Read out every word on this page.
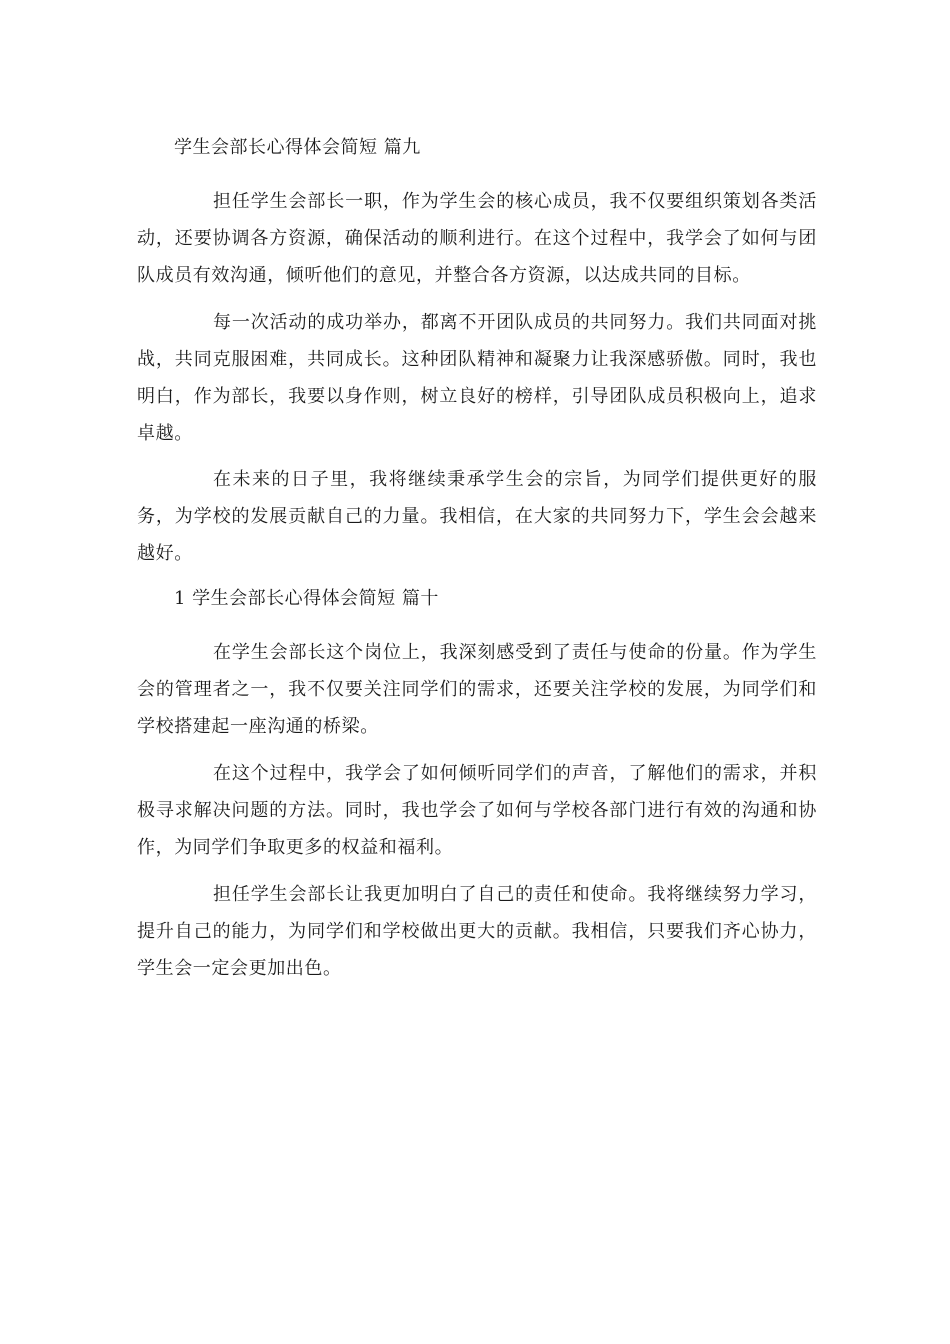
学生会部长心得体会简短 篇九
担任学生会部长一职，作为学生会的核心成员，我不仅要组织策划各类活动，还要协调各方资源，确保活动的顺利进行。在这个过程中，我学会了如何与团队成员有效沟通，倾听他们的意见，并整合各方资源，以达成共同的目标。
每一次活动的成功举办，都离不开团队成员的共同努力。我们共同面对挑战，共同克服困难，共同成长。这种团队精神和凝聚力让我深感骄傲。同时，我也明白，作为部长，我要以身作则，树立良好的榜样，引导团队成员积极向上，追求卓越。
在未来的日子里，我将继续秉承学生会的宗旨，为同学们提供更好的服务，为学校的发展贡献自己的力量。我相信，在大家的共同努力下，学生会会越来越好。
1 学生会部长心得体会简短 篇十
在学生会部长这个岗位上，我深刻感受到了责任与使命的份量。作为学生会的管理者之一，我不仅要关注同学们的需求，还要关注学校的发展，为同学们和学校搭建起一座沟通的桥梁。
在这个过程中，我学会了如何倾听同学们的声音，了解他们的需求，并积极寻求解决问题的方法。同时，我也学会了如何与学校各部门进行有效的沟通和协作，为同学们争取更多的权益和福利。
担任学生会部长让我更加明白了自己的责任和使命。我将继续努力学习，提升自己的能力，为同学们和学校做出更大的贡献。我相信，只要我们齐心协力，学生会一定会更加出色。
